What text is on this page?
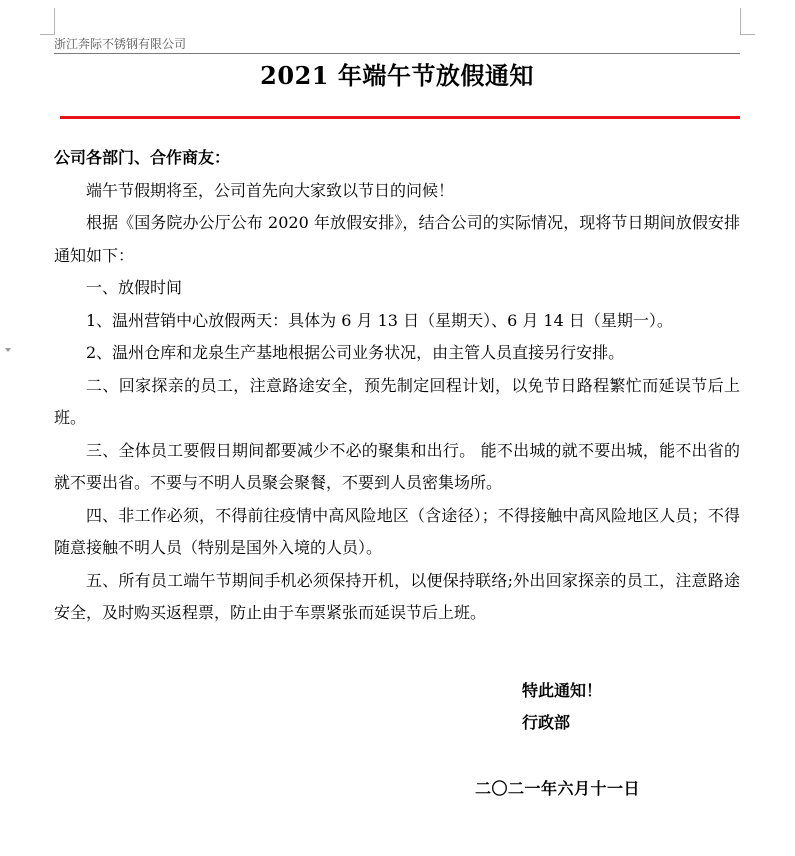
浙江奔际不锈钢有限公司
2021 年端午节放假通知

公司各部门、合作商友：

端午节假期将至，公司首先向大家致以节日的问候！

根据《国务院办公厅公布 2020 年放假安排》，结合公司的实际情况，现将节日期间放假安排通知如下：

一、放假时间

1、温州营销中心放假两天：具体为 6 月 13 日（星期天）、6 月 14 日（星期一）。

2、温州仓库和龙泉生产基地根据公司业务状况，由主管人员直接另行安排。

二、回家探亲的员工，注意路途安全，预先制定回程计划，以免节日路程繁忙而延误节后上班。

三、全体员工要假日期间都要减少不必的聚集和出行。 能不出城的就不要出城，能不出省的就不要出省。不要与不明人员聚会聚餐，不要到人员密集场所。

四、非工作必须，不得前往疫情中高风险地区（含途径）；不得接触中高风险地区人员；不得随意接触不明人员（特别是国外入境的人员）。

五、所有员工端午节期间手机必须保持开机，以便保持联络;外出回家探亲的员工，注意路途安全，及时购买返程票，防止由于车票紧张而延误节后上班。

特此通知！
行政部
二〇二一年六月十一日
